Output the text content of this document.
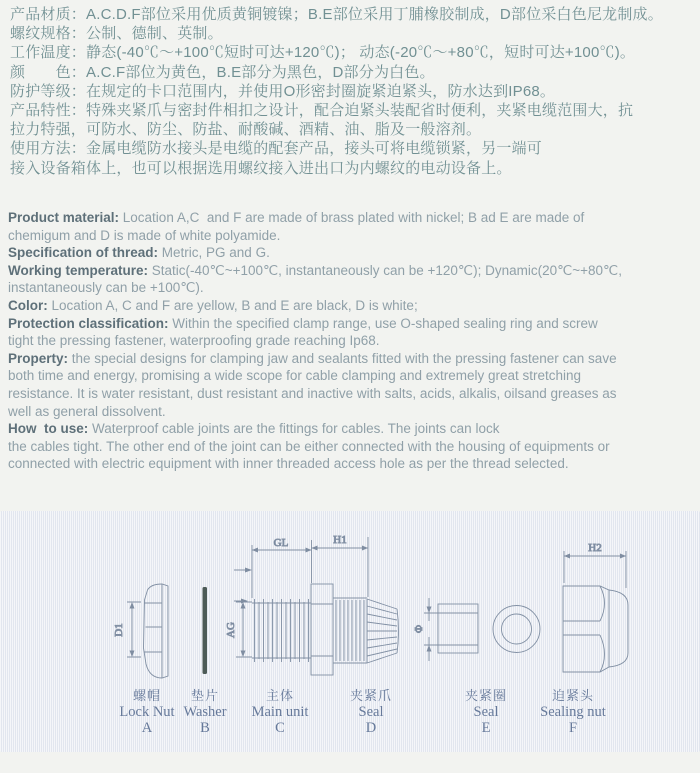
产品材质：A.C.D.F部位采用优质黄铜镀镍；B.E部位采用丁脯橡胶制成，D部位采白色尼龙制成。
螺纹规格：公制、德制、英制。
工作温度：静态(-40℃～+100℃短时可达+120℃)； 动态(-20℃～+80℃，短时可达+100℃)。
颜　　色：A.C.F部位为黄色，B.E部分为黑色，D部分为白色。
防护等级：在规定的卡口范围内，并使用O形密封圈旋紧迫紧头，防水达到IP68。
产品特性：特殊夹紧爪与密封件相扣之设计，配合迫紧头装配省时便利，夹紧电缆范围大，抗
拉力特强，可防水、防尘、防盐、耐酸碱、酒精、油、脂及一般溶剂。
使用方法：金属电缆防水接头是电缆的配套产品，接头可将电缆锁紧，另一端可
接入设备箱体上，也可以根据选用螺纹接入进出口为内螺纹的电动设备上。
Product material: Location A,C  and F are made of brass plated with nickel; B ad E are made of
chemigum and D is made of white polyamide.
Specification of thread: Metric, PG and G.
Working temperature: Static(-40℃~+100℃, instantaneously can be +120℃); Dynamic(20℃~+80℃,
instantaneously can be +100℃).
Color: Location A, C and F are yellow, B and E are black, D is white;
Protection classification: Within the specified clamp range, use O-shaped sealing ring and screw
tight the pressing fastener, waterproofing grade reaching Ip68.
Property: the special designs for clamping jaw and sealants fitted with the pressing fastener can save
both time and energy, promising a wide scope for cable clamping and extremely great stretching
resistance. It is water resistant, dust resistant and inactive with salts, acids, alkalis, oilsand greases as
well as general dissolvent.
How  to use: Waterproof cable joints are the fittings for cables. The joints can lock
the cables tight. The other end of the joint can be either connected with the housing of equipments or
connected with electric equipment with inner threaded access hole as per the thread selected.
D1
GL	H1
AG	Φ
H2
螺帽
Lock Nut
A
垫片
Washer
B
主体
Main unit
C
夹紧爪
Seal
D
夹紧圈
Seal
E
迫紧头
Sealing nut
F
